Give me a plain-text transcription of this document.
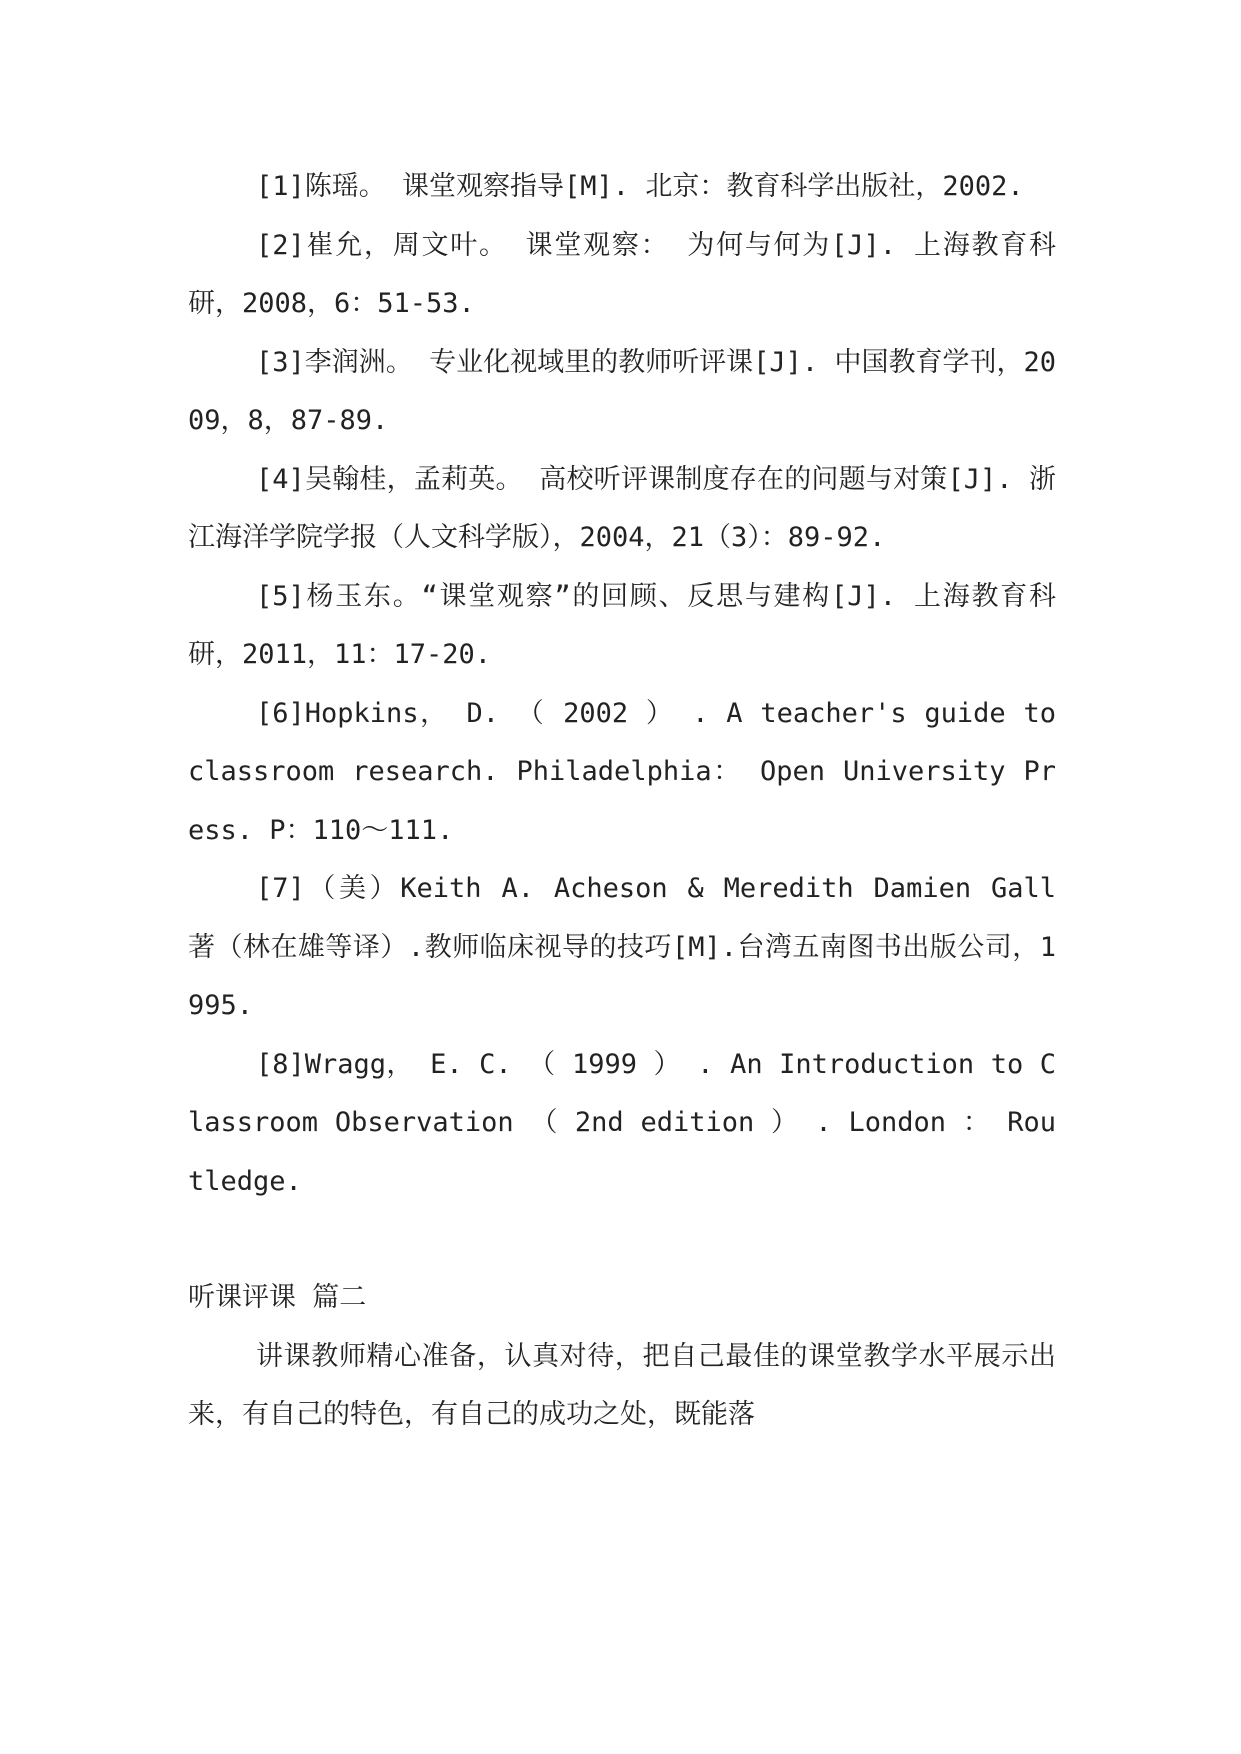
[1]陈瑶。 课堂观察指导[M]. 北京：教育科学出版社，2002.

[2]崔允，周文叶。 课堂观察： 为何与何为[J]. 上海教育科研，2008，6：51-53.

[3]李润洲。 专业化视域里的教师听评课[J]. 中国教育学刊，2009，8，87-89.

[4]吴翰桂，孟莉英。 高校听评课制度存在的问题与对策[J]. 浙江海洋学院学报（人文科学版），2004，21（3）：89-92.

[5]杨玉东。“课堂观察”的回顾、反思与建构[J]. 上海教育科研，2011，11：17-20.

[6]Hopkins， D. （ 2002 ） . A teacher's guide to classroom research. Philadelphia： Open University Press. P：110～111.

[7]（美）Keith A. Acheson & Meredith Damien Gall 著（林在雄等译）.教师临床视导的技巧[M].台湾五南图书出版公司，1995.

[8]Wragg， E. C. （ 1999 ） . An Introduction to Classroom Observation （ 2nd edition ） . London ： Routledge.

听课评课 篇二

讲课教师精心准备，认真对待，把自己最佳的课堂教学水平展示出来，有自己的特色，有自己的成功之处，既能落
